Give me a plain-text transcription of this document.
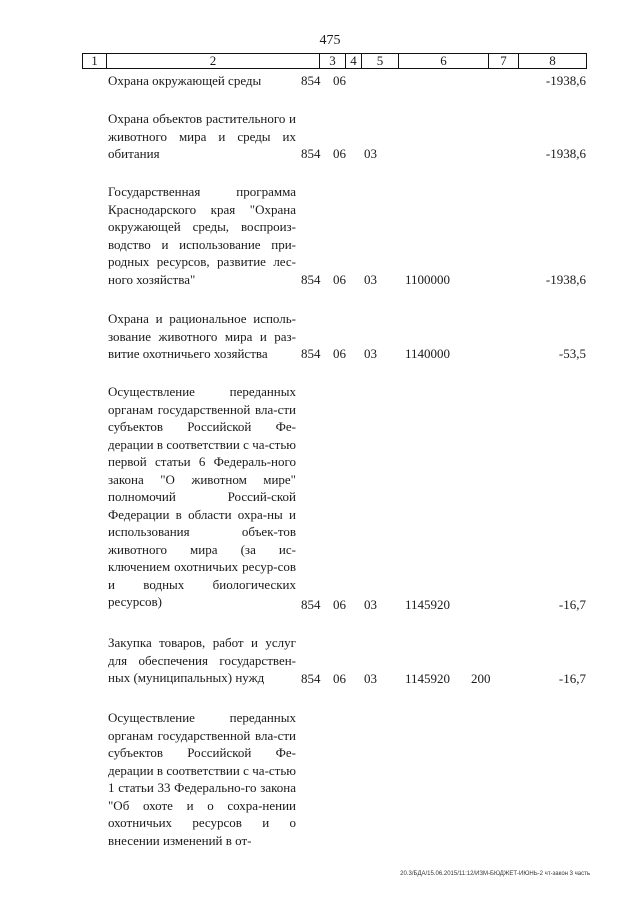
475
1	2	3	4	5	6	7	8
Охрана окружающей среды	854 06	-1938,6
Охрана объектов растительного и животного мира и среды их обитания	854 06 03	-1938,6
Государственная программа Краснодарского края "Охрана окружающей среды, воспроиз-водство и использование при-родных ресурсов, развитие лес-ного хозяйства"	854 06 03 1100000	-1938,6
Охрана и рациональное исполь-зование животного мира и раз-витие охотничьего хозяйства	854 06 03 1140000	-53,5
Осуществление переданных органам государственной вла-сти субъектов Российской Фе-дерации в соответствии с ча-стью первой статьи 6 Федераль-ного закона "О животном мире" полномочий Россий-ской Федерации в области охра-ны и использования объек-тов животного мира (за ис-ключением охотничьих ресур-сов и водных биологических ресурсов)	854 06 03 1145920	-16,7
Закупка товаров, работ и услуг для обеспечения государствен-ных (муниципальных) нужд	854 06 03 1145920 200	-16,7
Осуществление переданных органам государственной вла-сти субъектов Российской Фе-дерации в соответствии с ча-стью 1 статьи 33 Федерально-го закона "Об охоте и о сохра-нении охотничьих ресурсов и о внесении изменений в от-
20.3/БДА/15.06.2015/11:12/ИЗМ-БЮДЖЕТ-ИЮНЬ-2 чт-закон 3 часть
